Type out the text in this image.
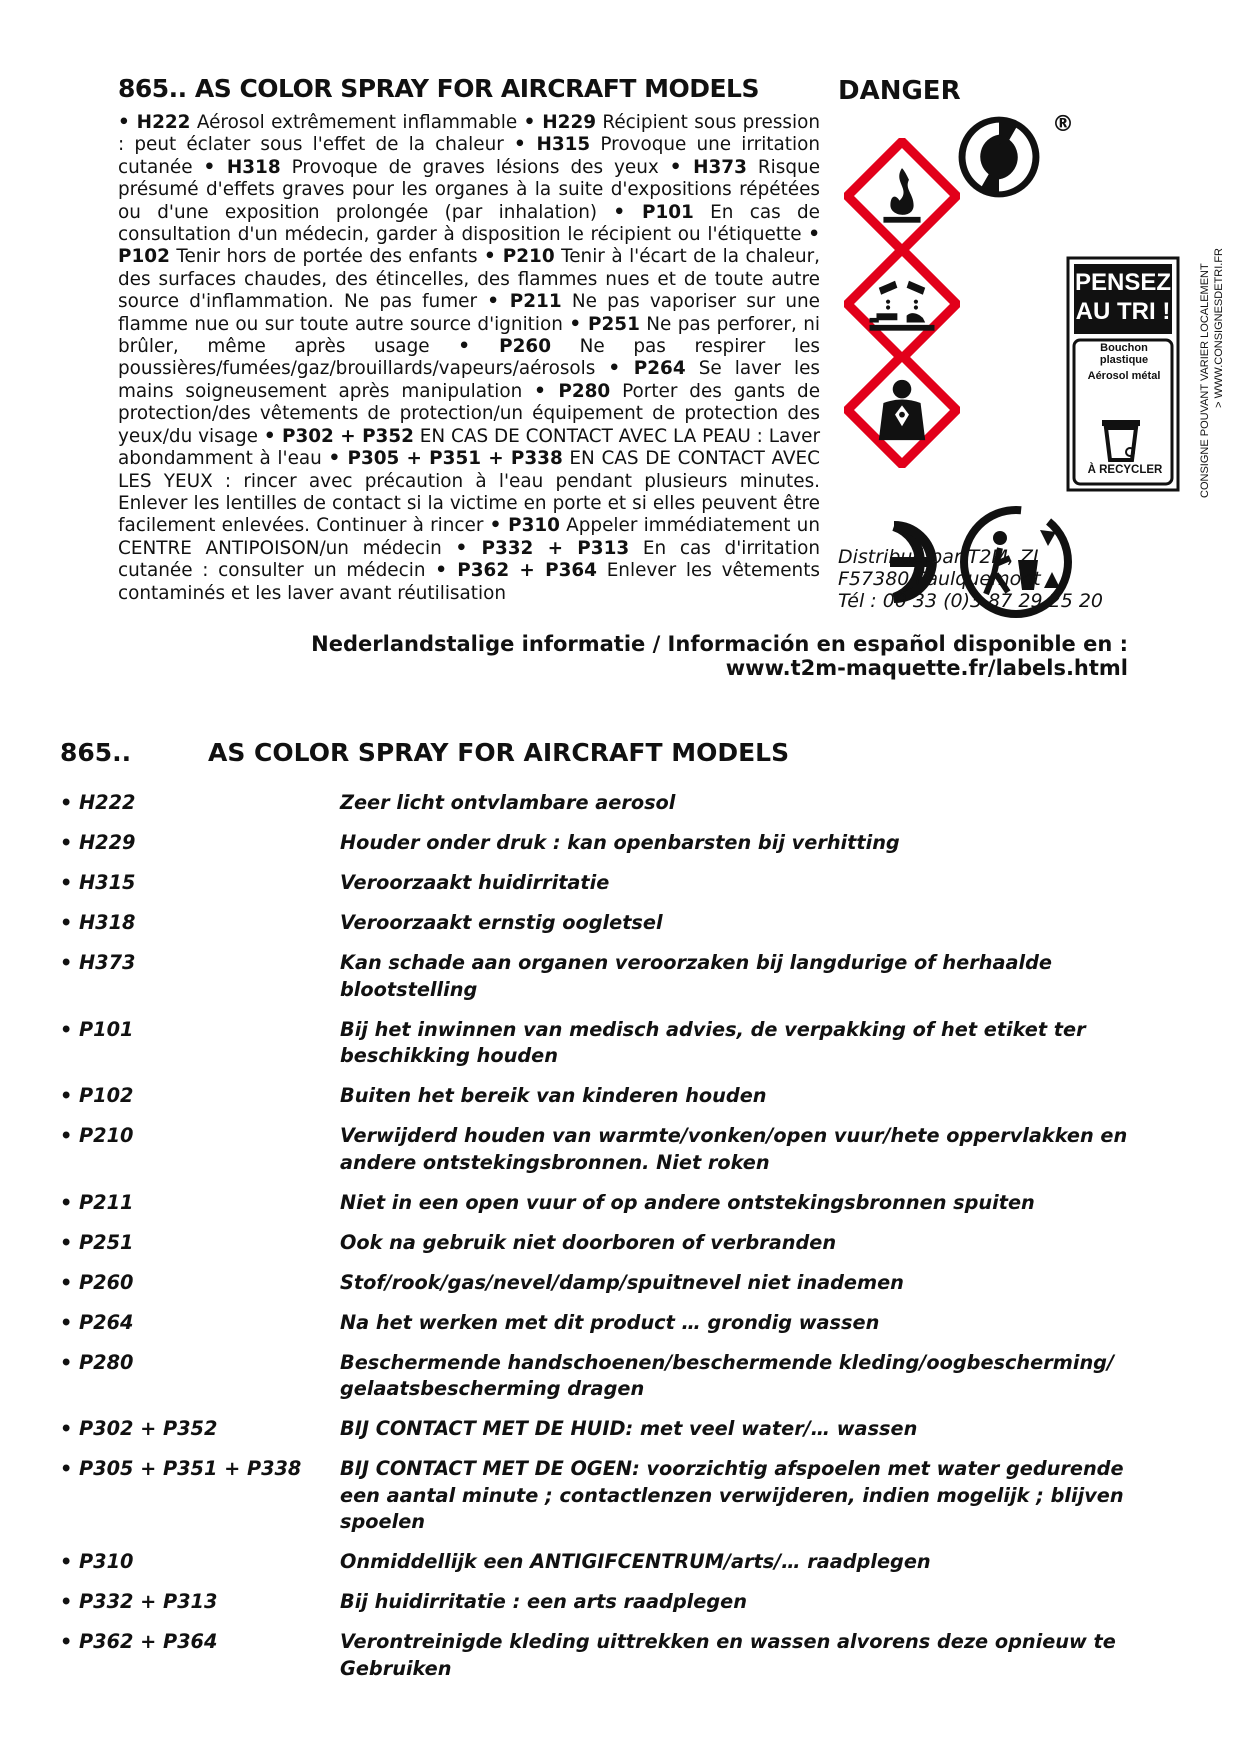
865.. AS COLOR SPRAY FOR AIRCRAFT MODELS
• H222 Aérosol extrêmement inflammable • H229 Récipient sous pression : peut éclater sous l'effet de la chaleur • H315 Provoque une irritation cutanée • H318 Provoque de graves lésions des yeux • H373 Risque présumé d'effets graves pour les organes à la suite d'expositions répétées ou d'une exposition prolongée (par inhalation) • P101 En cas de consultation d'un médecin, garder à disposition le récipient ou l'étiquette • P102 Tenir hors de portée des enfants • P210 Tenir à l'écart de la chaleur, des surfaces chaudes, des étincelles, des flammes nues et de toute autre source d'inflammation. Ne pas fumer • P211 Ne pas vaporiser sur une flamme nue ou sur toute autre source d'ignition • P251 Ne pas perforer, ni brûler, même après usage • P260 Ne pas respirer les poussières/fumées/gaz/brouillards/vapeurs/aérosols • P264 Se laver les mains soigneusement après manipulation • P280 Porter des gants de protection/des vêtements de protection/un équipement de protection des yeux/du visage • P302 + P352 EN CAS DE CONTACT AVEC LA PEAU : Laver abondamment à l'eau • P305 + P351 + P338 EN CAS DE CONTACT AVEC LES YEUX : rincer avec précaution à l'eau pendant plusieurs minutes. Enlever les lentilles de contact si la victime en porte et si elles peuvent être facilement enlevées. Continuer à rincer • P310 Appeler immédiatement un CENTRE ANTIPOISON/un médecin • P332 + P313 En cas d'irritation cutanée : consulter un médecin • P362 + P364 Enlever les vêtements contaminés et les laver avant réutilisation
DANGER
®
PENSEZ
AU TRI !
Bouchon plastique
Aérosol métal
À RECYCLER	CONSIGNE POUVANT VARIER LOCALEMENT > WWW.CONSIGNESDETRI.FR
Distribué par T2M, ZI
F57380 Faulquemont
Tél : 00 33 (0)3 87 29 25 20
Nederlandstalige informatie / Información en español disponible en :
www.t2m-maquette.fr/labels.html
865..	AS COLOR SPRAY FOR AIRCRAFT MODELS
• H222	Zeer licht ontvlambare aerosol
• H229	Houder onder druk : kan openbarsten bij verhitting
• H315	Veroorzaakt huidirritatie
• H318	Veroorzaakt ernstig oogletsel
• H373	Kan schade aan organen veroorzaken bij langdurige of herhaalde blootstelling
• P101	Bij het inwinnen van medisch advies, de verpakking of het etiket ter beschikking houden
• P102	Buiten het bereik van kinderen houden
• P210	Verwijderd houden van warmte/vonken/open vuur/hete oppervlakken en andere ontstekingsbronnen. Niet roken
• P211	Niet in een open vuur of op andere ontstekingsbronnen spuiten
• P251	Ook na gebruik niet doorboren of verbranden
• P260	Stof/rook/gas/nevel/damp/spuitnevel niet inademen
• P264	Na het werken met dit product … grondig wassen
• P280	Beschermende handschoenen/beschermende kleding/oogbescherming/ gelaatsbescherming dragen
• P302 + P352	BIJ CONTACT MET DE HUID: met veel water/… wassen
• P305 + P351 + P338	BIJ CONTACT MET DE OGEN: voorzichtig afspoelen met water gedurende een aantal minute ; contactlenzen verwijderen, indien mogelijk ; blijven spoelen
• P310	Onmiddellijk een ANTIGIFCENTRUM/arts/… raadplegen
• P332 + P313	Bij huidirritatie : een arts raadplegen
• P362 + P364	Verontreinigde kleding uittrekken en wassen alvorens deze opnieuw te Gebruiken
